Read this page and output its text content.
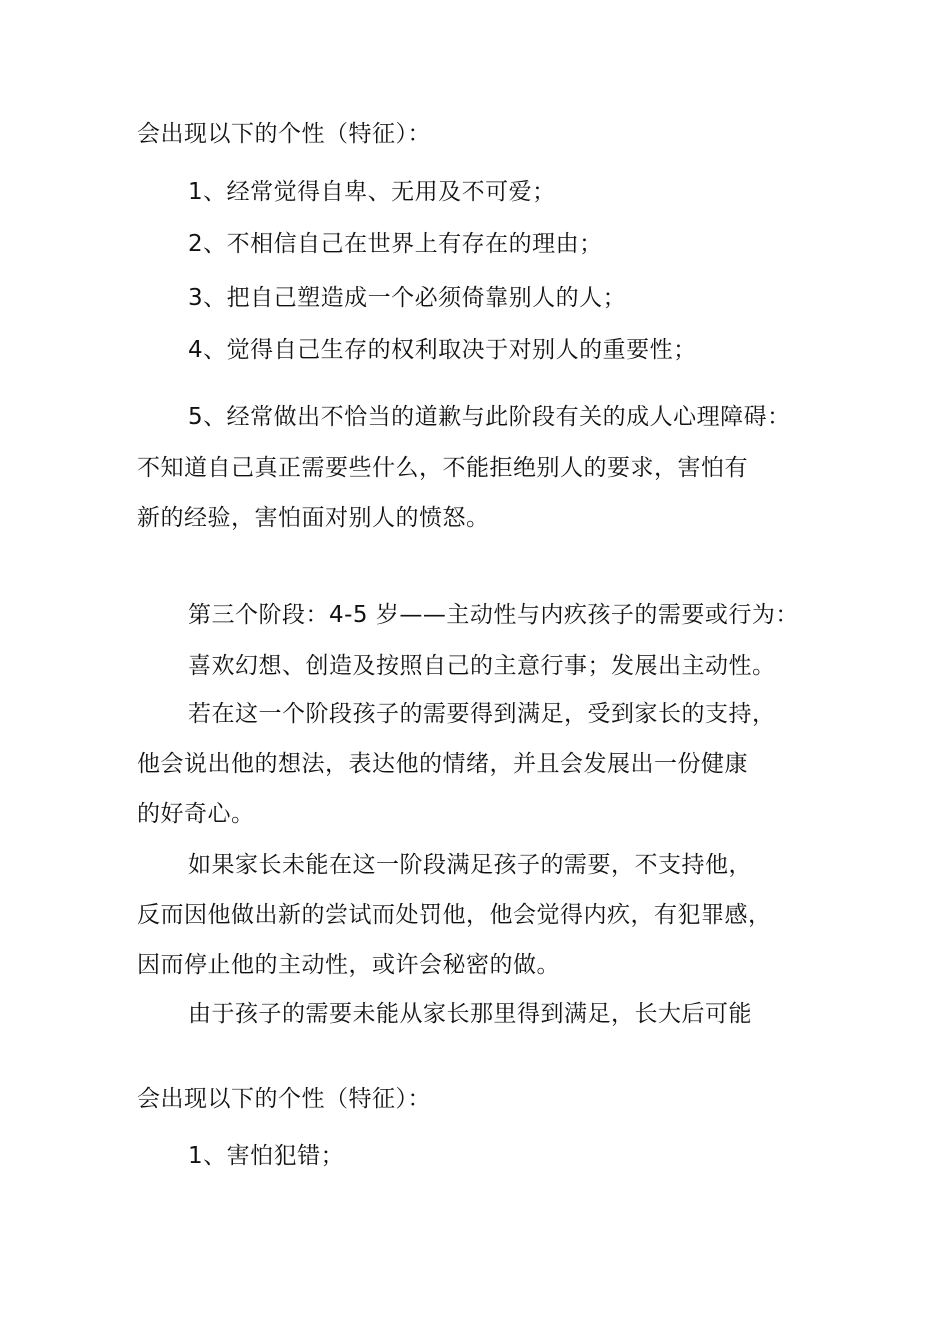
会出现以下的个性（特征）：
1、经常觉得自卑、无用及不可爱；
2、不相信自己在世界上有存在的理由；
3、把自己塑造成一个必须倚靠别人的人；
4、觉得自己生存的权利取决于对别人的重要性；
5、经常做出不恰当的道歉与此阶段有关的成人心理障碍：
不知道自己真正需要些什么，不能拒绝别人的要求，害怕有
新的经验，害怕面对别人的愤怒。
第三个阶段：4-5 岁——主动性与内疚孩子的需要或行为：
喜欢幻想、创造及按照自己的主意行事；发展出主动性。
若在这一个阶段孩子的需要得到满足，受到家长的支持，
他会说出他的想法，表达他的情绪，并且会发展出一份健康
的好奇心。
如果家长未能在这一阶段满足孩子的需要，不支持他，
反而因他做出新的尝试而处罚他，他会觉得内疚，有犯罪感，
因而停止他的主动性，或许会秘密的做。
由于孩子的需要未能从家长那里得到满足，长大后可能
会出现以下的个性（特征）：
1、害怕犯错；
